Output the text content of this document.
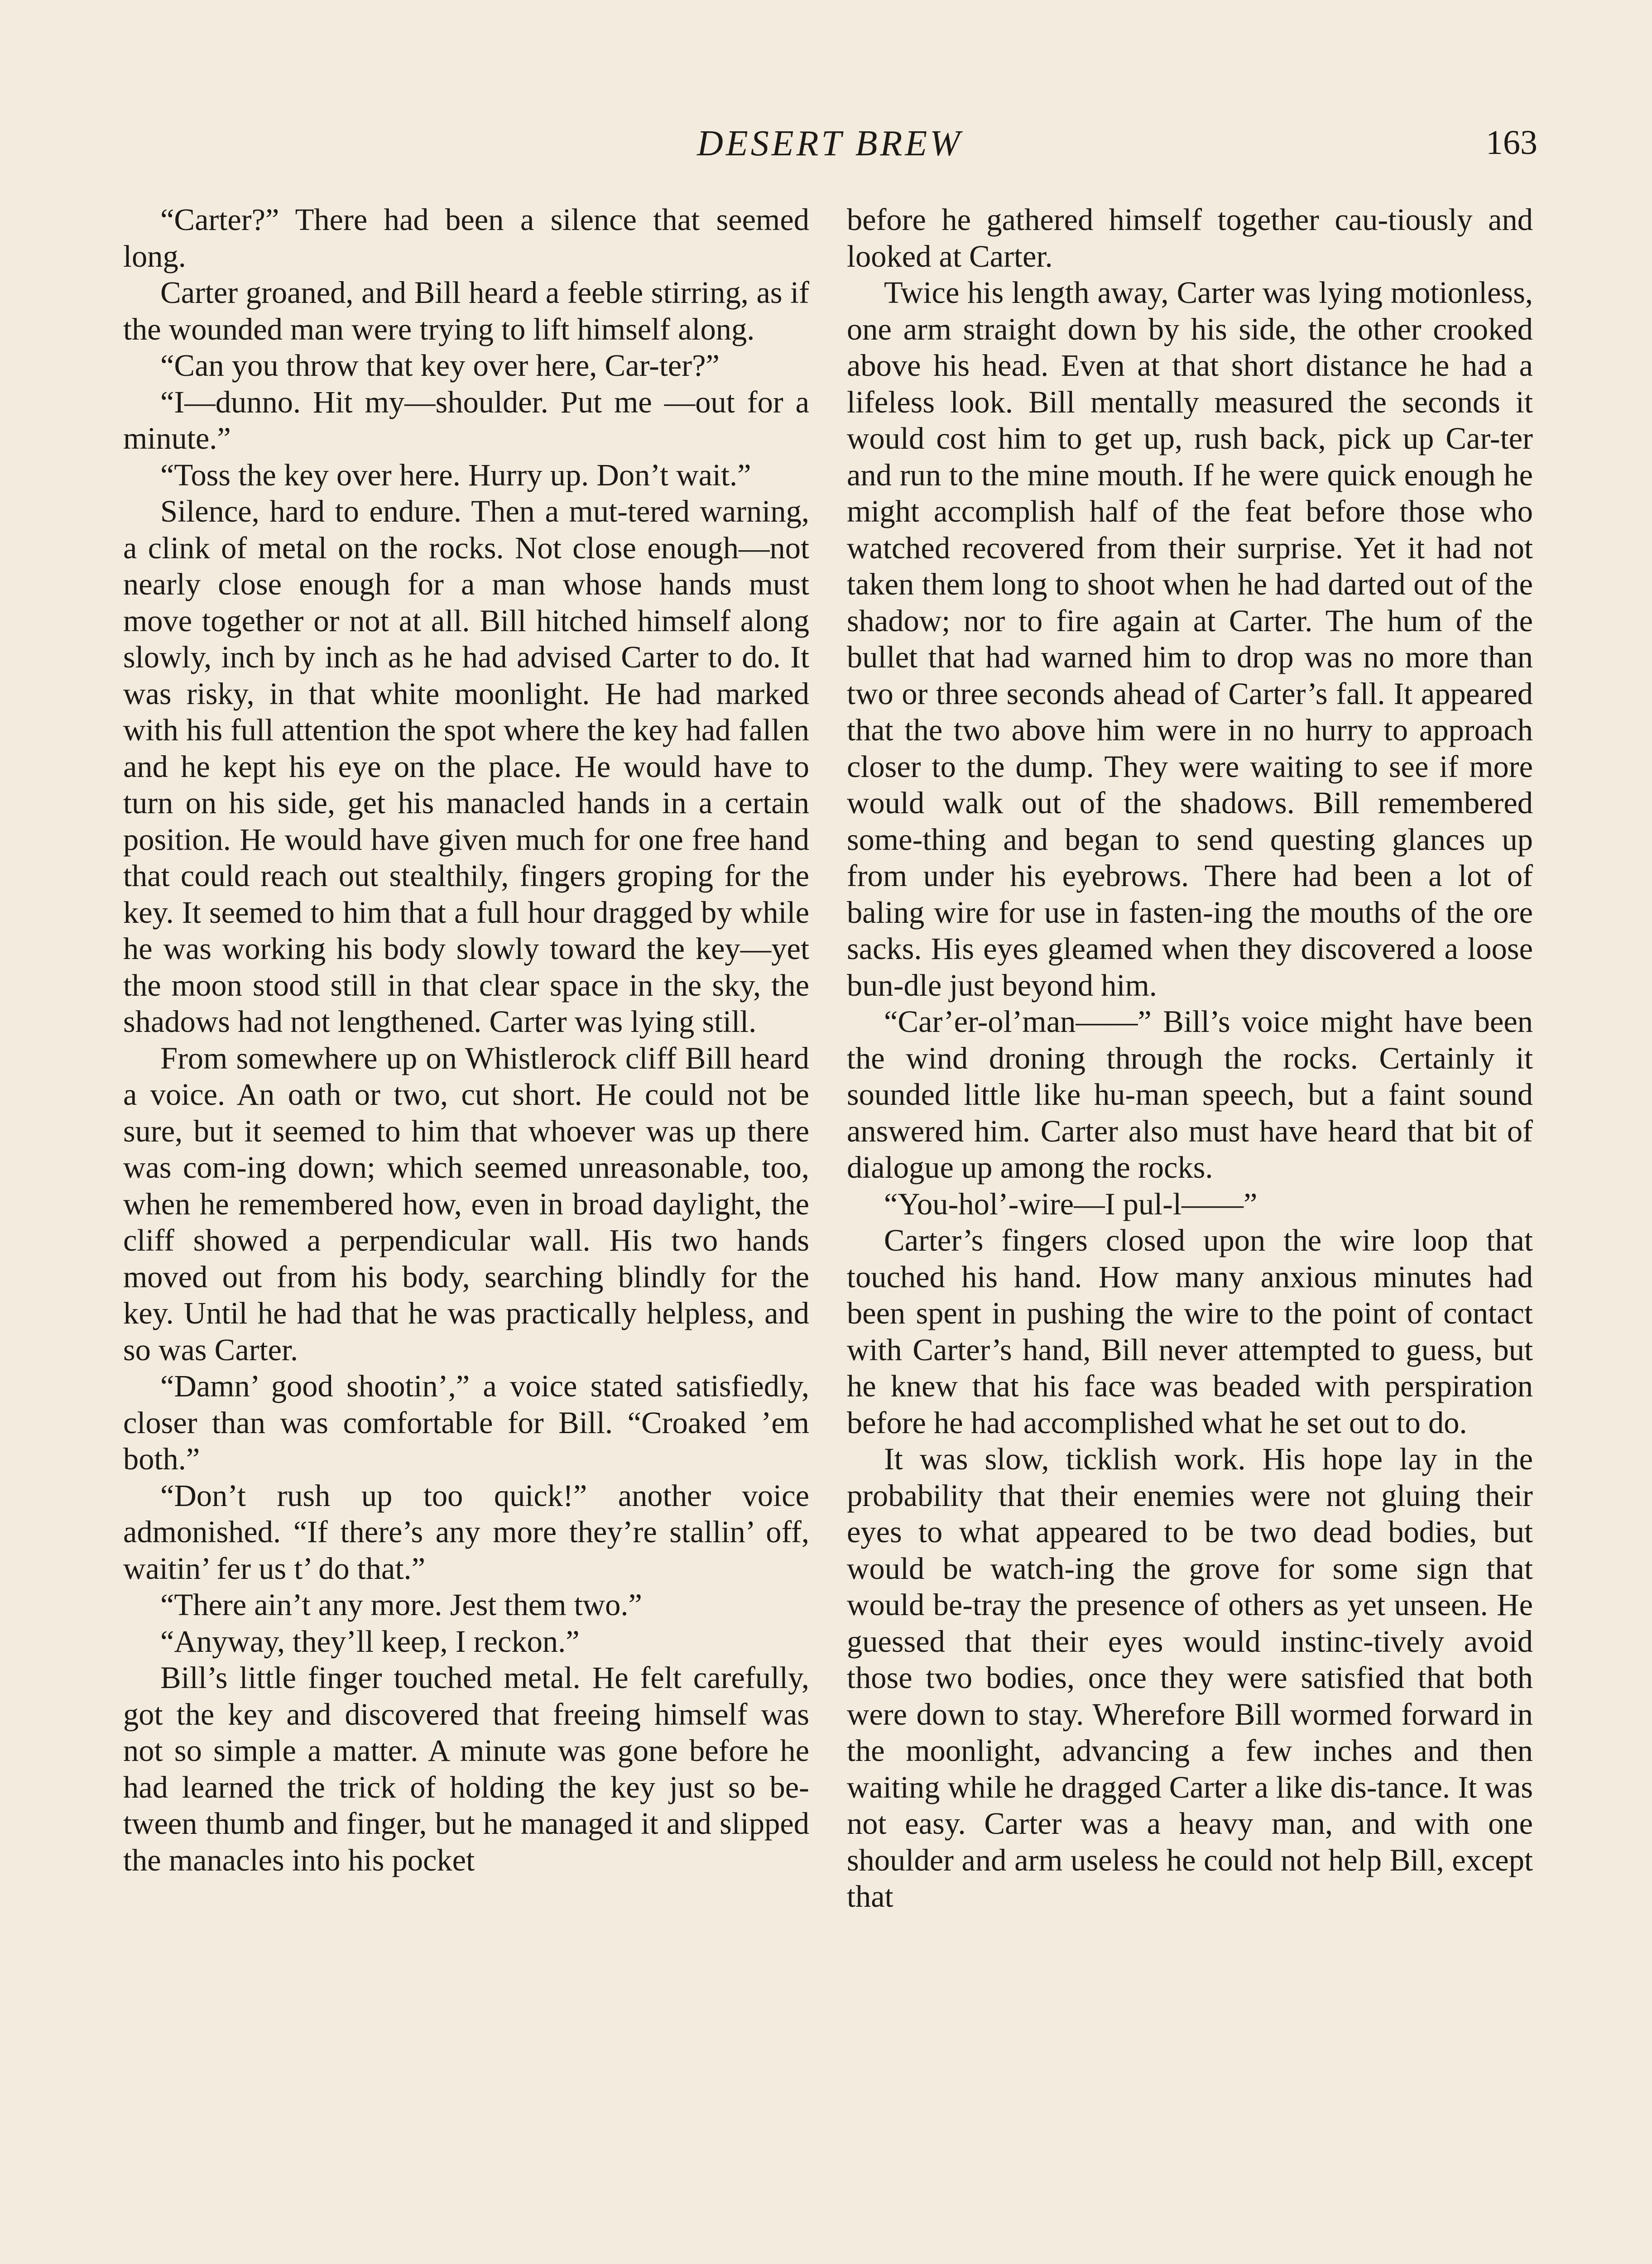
DESERT BREW	163

“Carter?” There had been a silence that seemed long.

Carter groaned, and Bill heard a feeble stirring, as if the wounded man were trying to lift himself along.

“Can you throw that key over here, Car-ter?”

“I—dunno. Hit my—shoulder. Put me —out for a minute.”

“Toss the key over here. Hurry up. Don’t wait.”

Silence, hard to endure. Then a mut-tered warning, a clink of metal on the rocks. Not close enough—not nearly close enough for a man whose hands must move together or not at all. Bill hitched himself along slowly, inch by inch as he had advised Carter to do. It was risky, in that white moonlight. He had marked with his full attention the spot where the key had fallen and he kept his eye on the place. He would have to turn on his side, get his manacled hands in a certain position. He would have given much for one free hand that could reach out stealthily, fingers groping for the key. It seemed to him that a full hour dragged by while he was working his body slowly toward the key—yet the moon stood still in that clear space in the sky, the shadows had not lengthened. Carter was lying still.

From somewhere up on Whistlerock cliff Bill heard a voice. An oath or two, cut short. He could not be sure, but it seemed to him that whoever was up there was com-ing down; which seemed unreasonable, too, when he remembered how, even in broad daylight, the cliff showed a perpendicular wall. His two hands moved out from his body, searching blindly for the key. Until he had that he was practically helpless, and so was Carter.

“Damn’ good shootin’,” a voice stated satisfiedly, closer than was comfortable for Bill. “Croaked ’em both.”

“Don’t rush up too quick!” another voice admonished. “If there’s any more they’re stallin’ off, waitin’ fer us t’ do that.”

“There ain’t any more. Jest them two.”

“Anyway, they’ll keep, I reckon.”

Bill’s little finger touched metal. He felt carefully, got the key and discovered that freeing himself was not so simple a matter. A minute was gone before he had learned the trick of holding the key just so be-tween thumb and finger, but he managed it and slipped the manacles into his pocket

before he gathered himself together cau-tiously and looked at Carter.

Twice his length away, Carter was lying motionless, one arm straight down by his side, the other crooked above his head. Even at that short distance he had a lifeless look. Bill mentally measured the seconds it would cost him to get up, rush back, pick up Car-ter and run to the mine mouth. If he were quick enough he might accomplish half of the feat before those who watched recovered from their surprise. Yet it had not taken them long to shoot when he had darted out of the shadow; nor to fire again at Carter. The hum of the bullet that had warned him to drop was no more than two or three seconds ahead of Carter’s fall. It appeared that the two above him were in no hurry to approach closer to the dump. They were waiting to see if more would walk out of the shadows. Bill remembered some-thing and began to send questing glances up from under his eyebrows. There had been a lot of baling wire for use in fasten-ing the mouths of the ore sacks. His eyes gleamed when they discovered a loose bun-dle just beyond him.

“Car’er-ol’man——” Bill’s voice might have been the wind droning through the rocks. Certainly it sounded little like hu-man speech, but a faint sound answered him. Carter also must have heard that bit of dialogue up among the rocks.

“You-hol’-wire—I pul-l——”

Carter’s fingers closed upon the wire loop that touched his hand. How many anxious minutes had been spent in pushing the wire to the point of contact with Carter’s hand, Bill never attempted to guess, but he knew that his face was beaded with perspiration before he had accomplished what he set out to do.

It was slow, ticklish work. His hope lay in the probability that their enemies were not gluing their eyes to what appeared to be two dead bodies, but would be watch-ing the grove for some sign that would be-tray the presence of others as yet unseen. He guessed that their eyes would instinc-tively avoid those two bodies, once they were satisfied that both were down to stay. Wherefore Bill wormed forward in the moonlight, advancing a few inches and then waiting while he dragged Carter a like dis-tance. It was not easy. Carter was a heavy man, and with one shoulder and arm useless he could not help Bill, except that
